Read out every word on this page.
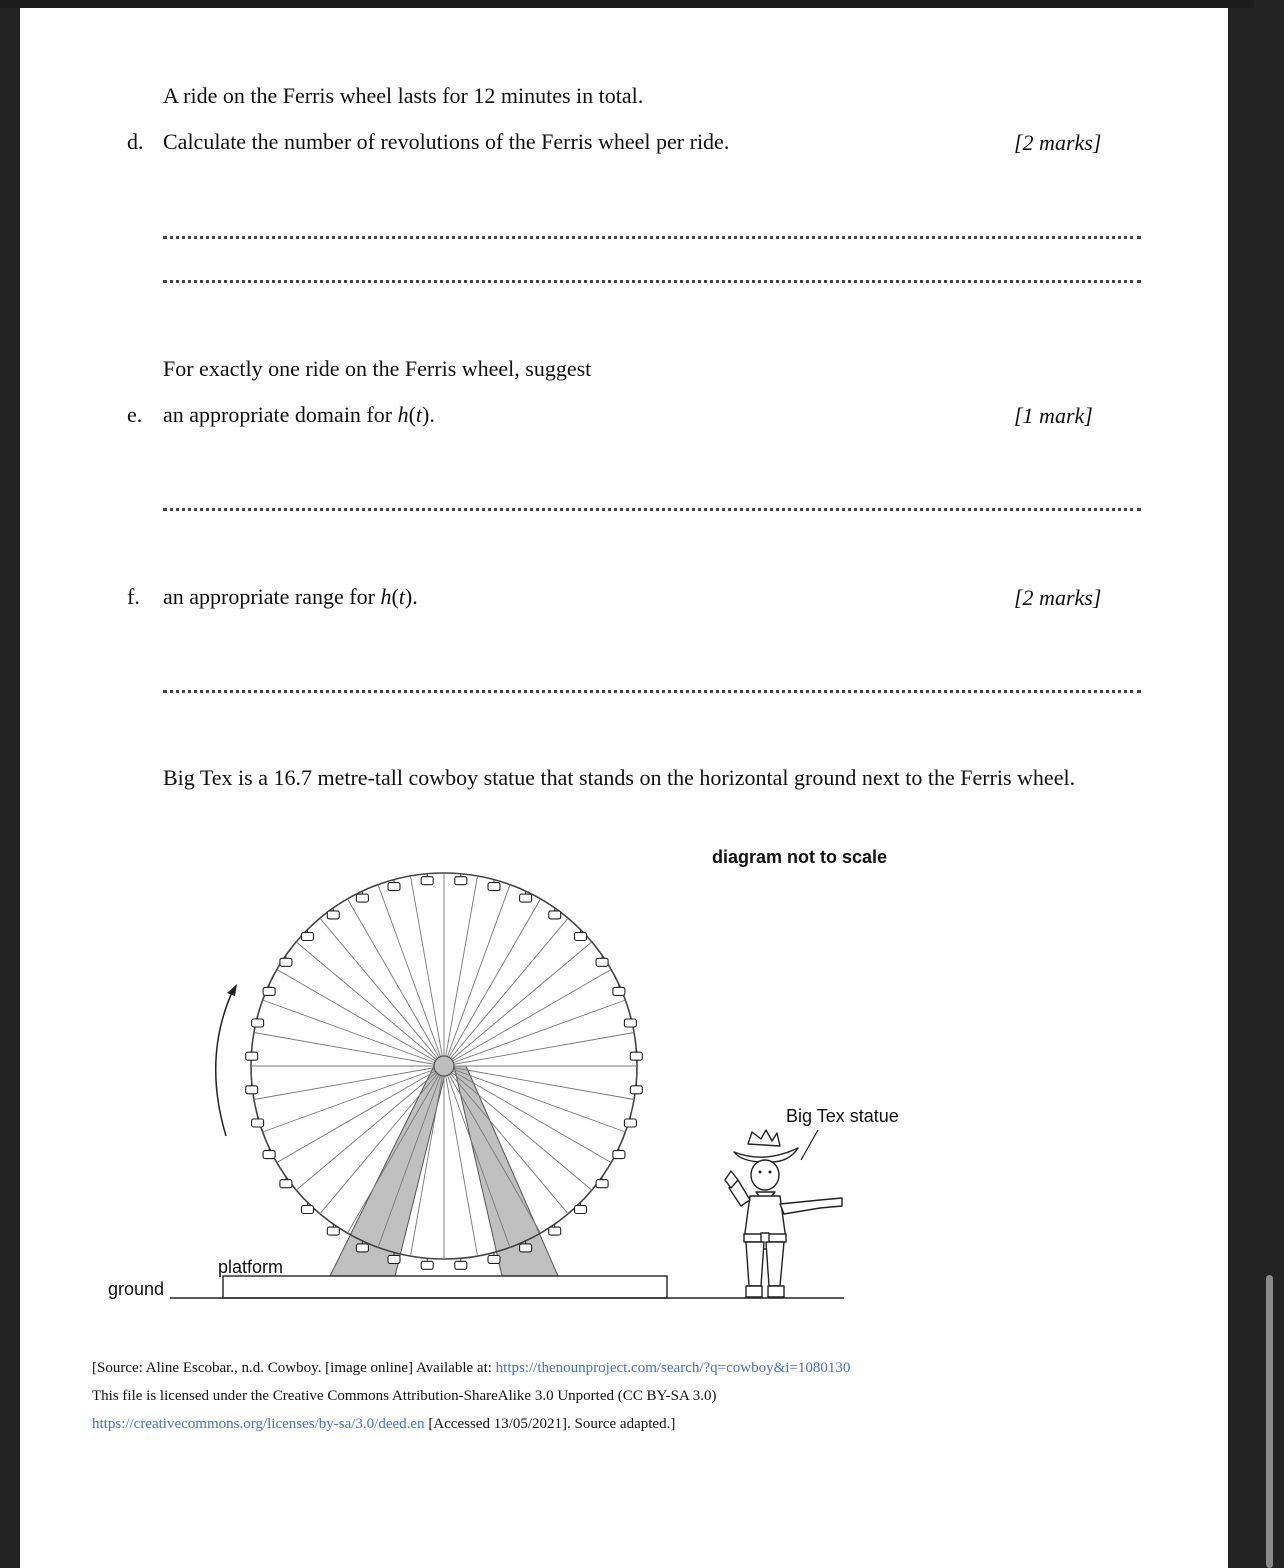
A ride on the Ferris wheel lasts for 12 minutes in total.
d. Calculate the number of revolutions of the Ferris wheel per ride.	[2 marks]
For exactly one ride on the Ferris wheel, suggest
e. an appropriate domain for h(t).	[1 mark]
f. an appropriate range for h(t).	[2 marks]
Big Tex is a 16.7 metre-tall cowboy statue that stands on the horizontal ground next to the Ferris wheel.
diagram not to scale
platform
ground
Big Tex statue
[Source: Aline Escobar., n.d. Cowboy. [image online] Available at: https://thenounproject.com/search/?q=cowboy&i=1080130
This file is licensed under the Creative Commons Attribution-ShareAlike 3.0 Unported (CC BY-SA 3.0)
https://creativecommons.org/licenses/by-sa/3.0/deed.en [Accessed 13/05/2021]. Source adapted.]
